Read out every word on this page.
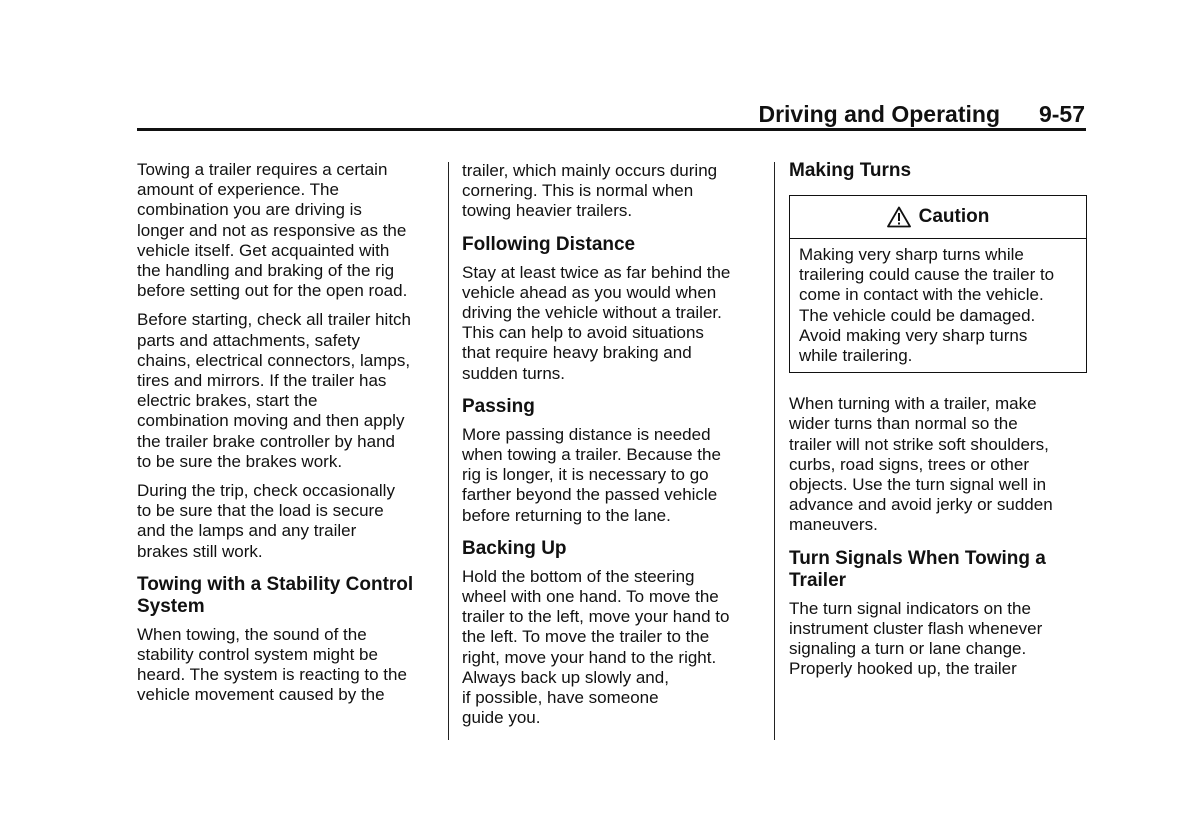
Driving and Operating 9-57

Towing a trailer requires a certain
amount of experience. The
combination you are driving is
longer and not as responsive as the
vehicle itself. Get acquainted with
the handling and braking of the rig
before setting out for the open road.

Before starting, check all trailer hitch
parts and attachments, safety
chains, electrical connectors, lamps,
tires and mirrors. If the trailer has
electric brakes, start the
combination moving and then apply
the trailer brake controller by hand
to be sure the brakes work.

During the trip, check occasionally
to be sure that the load is secure
and the lamps and any trailer
brakes still work.

Towing with a Stability Control
System

When towing, the sound of the
stability control system might be
heard. The system is reacting to the
vehicle movement caused by the

trailer, which mainly occurs during
cornering. This is normal when
towing heavier trailers.

Following Distance

Stay at least twice as far behind the
vehicle ahead as you would when
driving the vehicle without a trailer.
This can help to avoid situations
that require heavy braking and
sudden turns.

Passing

More passing distance is needed
when towing a trailer. Because the
rig is longer, it is necessary to go
farther beyond the passed vehicle
before returning to the lane.

Backing Up

Hold the bottom of the steering
wheel with one hand. To move the
trailer to the left, move your hand to
the left. To move the trailer to the
right, move your hand to the right.
Always back up slowly and,
if possible, have someone
guide you.

Making Turns
Caution
Making very sharp turns while
trailering could cause the trailer to
come in contact with the vehicle.
The vehicle could be damaged.
Avoid making very sharp turns
while trailering.

When turning with a trailer, make
wider turns than normal so the
trailer will not strike soft shoulders,
curbs, road signs, trees or other
objects. Use the turn signal well in
advance and avoid jerky or sudden
maneuvers.

Turn Signals When Towing a
Trailer

The turn signal indicators on the
instrument cluster flash whenever
signaling a turn or lane change.
Properly hooked up, the trailer
